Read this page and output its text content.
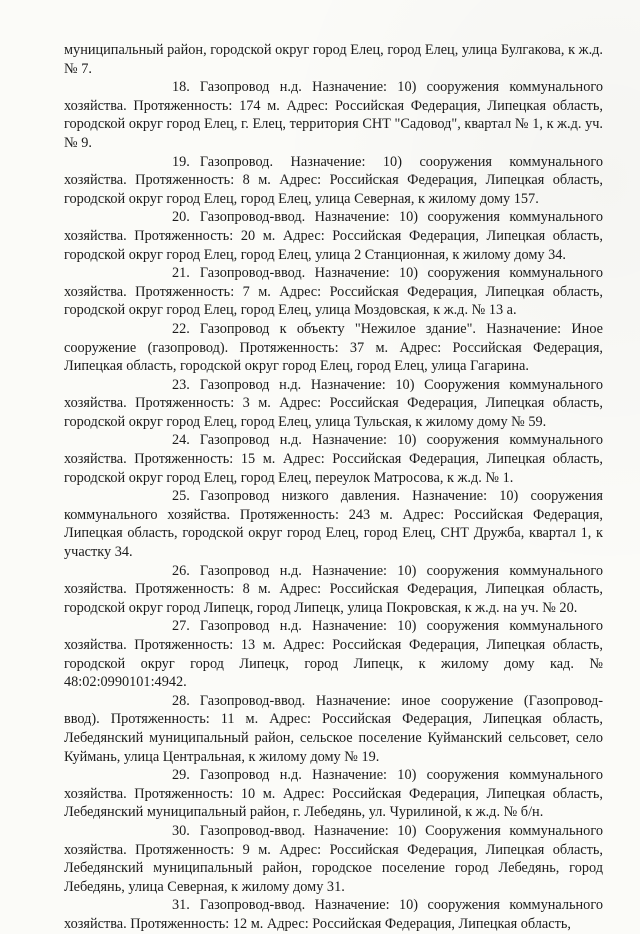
муниципальный район, городской округ город Елец, город Елец, улица Булгакова, к ж.д. № 7.

18. Газопровод н.д. Назначение: 10) сооружения коммунального хозяйства. Протяженность: 174 м. Адрес: Российская Федерация, Липецкая область, городской округ город Елец, г. Елец, территория СНТ "Садовод", квартал № 1, к ж.д. уч. № 9.

19. Газопровод. Назначение: 10) сооружения коммунального хозяйства. Протяженность: 8 м. Адрес: Российская Федерация, Липецкая область, городской округ город Елец, город Елец, улица Северная, к жилому дому 157.

20. Газопровод-ввод. Назначение: 10) сооружения коммунального хозяйства. Протяженность: 20 м. Адрес: Российская Федерация, Липецкая область, городской округ город Елец, город Елец, улица 2 Станционная, к жилому дому 34.

21. Газопровод-ввод. Назначение: 10) сооружения коммунального хозяйства. Протяженность: 7 м. Адрес: Российская Федерация, Липецкая область, городской округ город Елец, город Елец, улица Моздовская, к ж.д. № 13 а.

22. Газопровод к объекту "Нежилое здание". Назначение: Иное сооружение (газопровод). Протяженность: 37 м. Адрес: Российская Федерация, Липецкая область, городской округ город Елец, город Елец, улица Гагарина.

23. Газопровод н.д. Назначение: 10) Сооружения коммунального хозяйства. Протяженность: 3 м. Адрес: Российская Федерация, Липецкая область, городской округ город Елец, город Елец, улица Тульская, к жилому дому № 59.

24. Газопровод н.д. Назначение: 10) сооружения коммунального хозяйства. Протяженность: 15 м. Адрес: Российская Федерация, Липецкая область, городской округ город Елец, город Елец, переулок Матросова, к ж.д. № 1.

25. Газопровод низкого давления. Назначение: 10) сооружения коммунального хозяйства. Протяженность: 243 м. Адрес: Российская Федерация, Липецкая область, городской округ город Елец, город Елец, СНТ Дружба, квартал 1, к участку 34.

26. Газопровод н.д. Назначение: 10) сооружения коммунального хозяйства. Протяженность: 8 м. Адрес: Российская Федерация, Липецкая область, городской округ город Липецк, город Липецк, улица Покровская, к ж.д. на уч. № 20.

27. Газопровод н.д. Назначение: 10) сооружения коммунального хозяйства. Протяженность: 13 м. Адрес: Российская Федерация, Липецкая область, городской округ город Липецк, город Липецк, к жилому дому кад. № 48:02:0990101:4942.

28. Газопровод-ввод. Назначение: иное сооружение (Газопровод-ввод). Протяженность: 11 м. Адрес: Российская Федерация, Липецкая область, Лебедянский муниципальный район, сельское поселение Куйманский сельсовет, село Куймань, улица Центральная, к жилому дому № 19.

29. Газопровод н.д. Назначение: 10) сооружения коммунального хозяйства. Протяженность: 10 м. Адрес: Российская Федерация, Липецкая область, Лебедянский муниципальный район, г. Лебедянь, ул. Чурилиной, к ж.д. № б/н.

30. Газопровод-ввод. Назначение: 10) Сооружения коммунального хозяйства. Протяженность: 9 м. Адрес: Российская Федерация, Липецкая область, Лебедянский муниципальный район, городское поселение город Лебедянь, город Лебедянь, улица Северная, к жилому дому 31.

31. Газопровод-ввод. Назначение: 10) сооружения коммунального хозяйства. Протяженность: 12 м. Адрес: Российская Федерация, Липецкая область,
